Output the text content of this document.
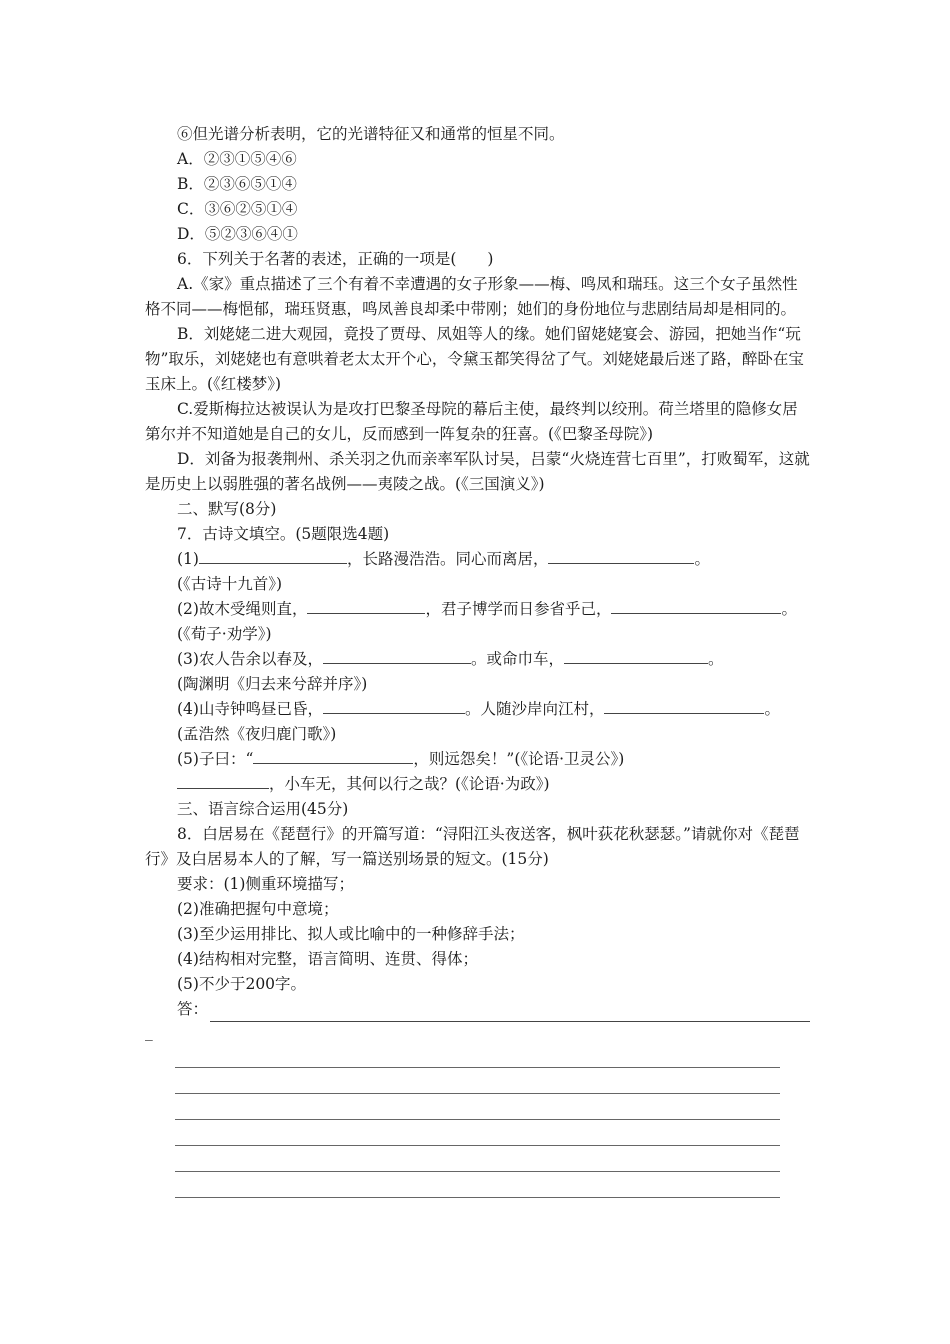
⑥但光谱分析表明，它的光谱特征又和通常的恒星不同。

A．②③①⑤④⑥

B．②③⑥⑤①④

C．③⑥②⑤①④

D．⑤②③⑥④①

6．下列关于名著的表述，正确的一项是(　　)

A.《家》重点描述了三个有着不幸遭遇的女子形象——梅、鸣凤和瑞珏。这三个女子虽然性格不同——梅悒郁，瑞珏贤惠，鸣凤善良却柔中带刚；她们的身份地位与悲剧结局却是相同的。

B．刘姥姥二进大观园，竟投了贾母、凤姐等人的缘。她们留姥姥宴会、游园，把她当作“玩物”取乐，刘姥姥也有意哄着老太太开个心，令黛玉都笑得岔了气。刘姥姥最后迷了路，醉卧在宝玉床上。(《红楼梦》)

C.爱斯梅拉达被误认为是攻打巴黎圣母院的幕后主使，最终判以绞刑。荷兰塔里的隐修女居第尔并不知道她是自己的女儿，反而感到一阵复杂的狂喜。(《巴黎圣母院》)

D．刘备为报袭荆州、杀关羽之仇而亲率军队讨吴，吕蒙“火烧连营七百里”，打败蜀军，这就是历史上以弱胜强的著名战例——夷陵之战。(《三国演义》)

二、默写(8分)

7．古诗文填空。(5题限选4题)

(1)	，长路漫浩浩。同心而离居，	。

(《古诗十九首》)

(2)故木受绳则直，	，君子博学而日参省乎己，	。

(《荀子·劝学》)

(3)农人告余以春及，	。或命巾车，	。

(陶渊明《归去来兮辞并序》)

(4)山寺钟鸣昼已昏，	。人随沙岸向江村，	。

(孟浩然《夜归鹿门歌》)

(5)子曰：“	，则远怨矣！”(《论语·卫灵公》)

，小车无，其何以行之哉？(《论语·为政》)

三、语言综合运用(45分)

8．白居易在《琵琶行》的开篇写道：“浔阳江头夜送客，枫叶荻花秋瑟瑟。”请就你对《琵琶行》及白居易本人的了解，写一篇送别场景的短文。(15分)

要求：(1)侧重环境描写；

(2)准确把握句中意境；

(3)至少运用排比、拟人或比喻中的一种修辞手法；

(4)结构相对完整，语言简明、连贯、得体；

(5)不少于200字。

答：

_
